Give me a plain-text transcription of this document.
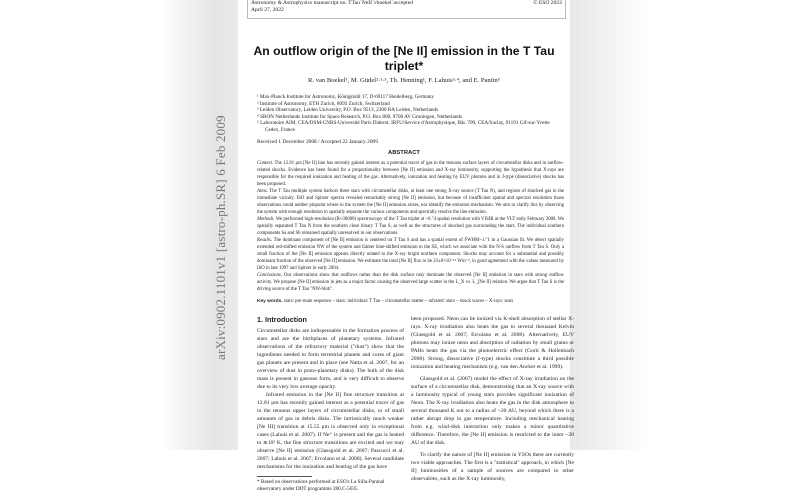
Astronomy & Astrophysics manuscript no. TTau˙NeII˙vboekel˙accepted
April 27, 2022
© ESO 2022
arXiv:0902.1101v1 [astro-ph.SR] 6 Feb 2009
An outflow origin of the [Ne II] emission in the T Tau triplet*
R. van Boekel¹, M. Güdel²·¹·³, Th. Henning¹, F. Lahuis³·⁴, and E. Pantin⁵
¹ Max-Planck Institute for Astronomy, Königstuhl 17, D-69117 Heidelberg, Germany
² Institute of Astronomy, ETH Zurich, 8093 Zurich, Switzerland
³ Leiden Observatory, Leiden University, P.O. Box 9513, 2300 RA Leiden, Netherlands
⁴ SRON Netherlands Institute for Space Research, P.O. Box 800, 9700 AV Groningen, Netherlands
⁵ Laboratoire AIM, CEA/DSM-CNRS-Université Paris Diderot, IRFU/Service d'Astrophysique, Bât. 709, CEA/Saclay, 91191 Gif-sur-Yvette Cedex, France
Received 1 December 2008 / Accepted 22 January 2009
ABSTRACT
Context. The 12.81 μm [Ne II] line has recently gained interest as a potential tracer of gas in the tenuous surface layers of circumstellar disks and in outflow-related shocks. Evidence has been found for a proportionality between [Ne II] emission and X-ray luminosity, supporting the hypothesis that X-rays are responsible for the required ionization and heating of the gas. Alternatively, ionization and heating by EUV photons and in J-type (dissociative) shocks has been proposed.
Aims. The T Tau multiple system harbors three stars with circumstellar disks, at least one strong X-ray source (T Tau N), and regions of shocked gas in the immediate vicinity. ISO and Spitzer spectra revealed remarkably strong [Ne II] emission, but because of insufficient spatial and spectral resolution those observations could neither pinpoint where in the system the [Ne II] emission arises, nor identify the emission mechanism. We aim to clarify this by observing the system with enough resolution to spatially separate the various components and spectrally resolve the line emission.
Methods. We performed high-resolution (R≈30000) spectroscopy of the T Tau triplet at ~0.″4 spatial resolution with VISIR at the VLT early February 2008. We spatially separated T Tau N from the southern close binary T Tau S, as well as the structures of shocked gas surrounding the stars. The individual southern components Sa and Sb remained spatially unresolved in our observations.
Results. The dominant component of [Ne II] emission is centered on T Tau S and has a spatial extent of FWHM~1.″1 in a Gaussian fit. We detect spatially extended red-shifted emission NW of the system and fainter blue-shifted emission to the SE, which we associate with the N-S outflow from T Tau S. Only a small fraction of the [Ne II] emission appears directly related to the X-ray bright northern component. Shocks may account for a substantial and possibly dominant fraction of the observed [Ne II] emission. We estimate the total [Ne II] flux to be 23±6×10⁻¹⁶ Wm⁻², in good agreement with the values measured by ISO in late 1997 and Spitzer in early 2004.
Conclusions. Our observations show that outflows rather than the disk surface may dominate the observed [Ne II] emission in stars with strong outflow activity. We propose [Ne II] emission in jets as a major factor causing the observed large scatter in the L_X vs. L_[Ne II] relation. We argue that T Tau S is the driving source of the T Tau "NW-blob".
Key words. stars: pre-main sequence – stars: individual: T Tau – circumstellar matter – infrared: stars – shock waves – X-rays: stars
1. Introduction

Circumstellar disks are indispensable in the formation process of stars and are the birthplaces of planetary systems. Infrared observations of the refractory material ("dust") show that the ingredients needed to form terrestrial planets and cores of giant gas planets are present and in place (see Natta et al. 2007, for an overview of dust in proto-planetary disks). The bulk of the disk mass is present in gaseous form, and is very difficult to observe due to its very low average opacity.

Infrared emission in the [Ne II] fine structure transition at 12.81 μm has recently gained interest as a potential tracer of gas in the tenuous upper layers of circumstellar disks, or of small amounts of gas in debris disks. The intrinsically much weaker [Ne III] transition at 15.55 μm is observed only in exceptional cases (Lahuis et al. 2007). If Ne⁺ is present and the gas is heated to ≳10³ K, the fine structure transitions are excited and we may observe [Ne II] emission (Glassgold et al. 2007; Pascucci et al. 2007; Lahuis et al. 2007; Ercolano et al. 2008). Several candidate mechanisms for the ionization and heating of the gas have

* Based on observations performed at ESO's La Silla-Paranal observatory under DDT programme 280.C-5035

been proposed. Neon can be ionized via K-shell absorption of stellar X-rays. X-ray irradiation also heats the gas to several thousand Kelvin (Glassgold et al. 2007; Ercolano et al. 2008). Alternatively, EUV photons may ionize neon and absorption of radiation by small grains or PAHs heats the gas via the photoelectric effect (Gorti & Hollenbach 2008). Strong, dissociative (J-type) shocks constitute a third possible ionization and heating mechanism (e.g. van den Ancker et al. 1999).

Glassgold et al. (2007) model the effect of X-ray irradiation on the surface of a circumstellar disk, demonstrating that an X-ray source with a luminosity typical of young stars provides significant ionization of Neon. The X-ray irradiation also heats the gas in the disk atmosphere to several thousand K out to a radius of ~20 AU, beyond which there is a rather abrupt drop in gas temperature. Including mechanical heating from e.g. wind-disk interaction only makes a minor quantitative difference. Therefore, the [Ne II] emission is restricted to the inner ~20 AU of the disk.

To clarify the nature of [Ne II] emission in YSOs there are currently two viable approaches. The first is a "statistical" approach, in which [Ne II] luminosities of a sample of sources are compared to other observables, such as the X-ray luminosity,
